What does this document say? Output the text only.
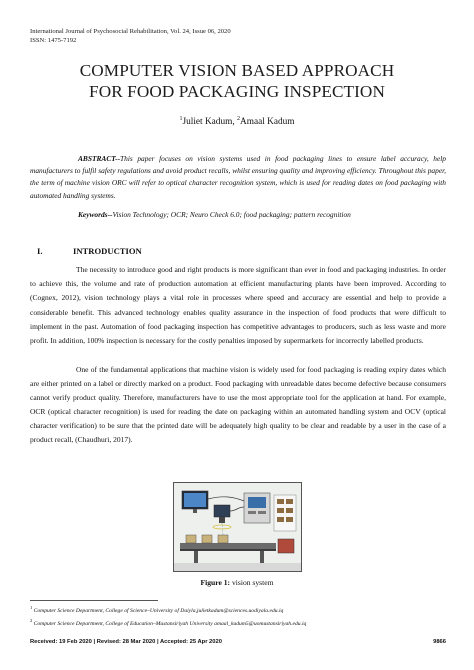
International Journal of Psychosocial Rehabilitation, Vol. 24, Issue 06, 2020
ISSN: 1475-7192
COMPUTER VISION BASED APPROACH
FOR FOOD PACKAGING INSPECTION
$^1$Juliet Kadum, $^2$Amaal Kadum
ABSTRACT--This paper focuses on vision systems used in food packaging lines to ensure label accuracy, help manufacturers to fulfil safety regulations and avoid product recalls, whilst ensuring quality and improving efficiency. Throughout this paper, the term of machine vision ORC will refer to optical character recognition system, which is used for reading dates on food packaging with automated handling systems.
Keywords--Vision Technology; OCR; Neuro Check 6.0; food packaging; pattern recognition
I.	INTRODUCTION
The necessity to introduce good and right products is more significant than ever in food and packaging industries. In order to achieve this, the volume and rate of production automation at efficient manufacturing plants have been improved. According to (Cognex, 2012), vision technology plays a vital role in processes where speed and accuracy are essential and help to provide a considerable benefit. This advanced technology enables quality assurance in the inspection of food products that were difficult to implement in the past. Automation of food packaging inspection has competitive advantages to producers, such as less waste and more profit. In addition, 100% inspection is necessary for the costly penalties imposed by supermarkets for incorrectly labelled products.
One of the fundamental applications that machine vision is widely used for food packaging is reading expiry dates which are either printed on a label or directly marked on a product. Food packaging with unreadable dates become defective because consumers cannot verify product quality. Therefore, manufacturers have to use the most appropriate tool for the application at hand. For example, OCR (optical character recognition) is used for reading the date on packaging within an automated handling system and OCV (optical character verification) to be sure that the printed date will be adequately high quality to be clear and readable by a user in the case of a product recall, (Chaudhuri, 2017).
Figure 1: vision system
$^1$ Computer Science Department, College of Science–University of Daiyla,julietkadum@sciences.uodiyala.edu.iq
$^2$ Computer Science Department, College of Education–Mustansiriyah University amaal_kadum5@uomustansiriyah.edu.iq
Received: 19 Feb 2020 | Revised: 28 Mar 2020 | Accepted: 25 Apr 2020	9866
